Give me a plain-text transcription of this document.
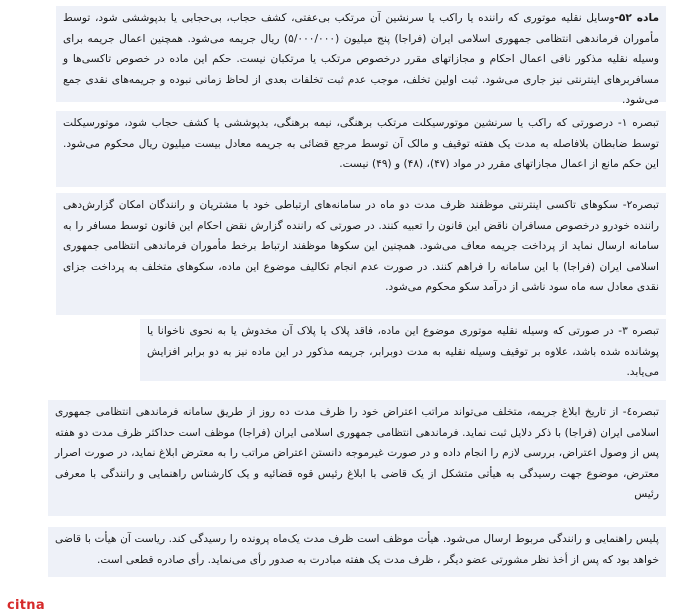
ماده ۵۲-وسایل نقلیه موتوری که راننده یا راکب یا سرنشین آن مرتکب بی‌عفتی، کشف حجاب، بی‌حجابی یا بدپوششی شود، توسط مأموران فرماندهی انتظامی جمهوری اسلامی ایران (فراجا) پنج میلیون (۵/۰۰۰/۰۰۰) ریال جریمه می‌شود. همچنین اعمال جریمه برای وسیله نقلیه مذکور نافی اعمال احکام و مجازاتهای مقرر درخصوص مرتکب یا مرتکبان نیست. حکم این ماده در خصوص تاکسی‌ها و مسافربرهای اینترنتی نیز جاری می‌شود. ثبت اولین تخلف، موجب عدم ثبت تخلفات بعدی از لحاظ زمانی نبوده و جریمه‌های نقدی جمع می‌شود.

تبصره ۱- درصورتی که راکب یا سرنشین موتورسیکلت مرتکب برهنگی، نیمه برهنگی، بدپوششی یا کشف حجاب شود، موتورسیکلت توسط ضابطان بلافاصله به مدت یک هفته توقیف و مالک آن توسط مرجع قضائی به جریمه معادل بیست میلیون ریال محکوم می‌شود. این حکم مانع از اعمال مجازاتهای مقرر در مواد (۴۷)، (۴۸) و (۴۹) نیست.

تبصره۲- سکوهای تاکسی اینترنتی موظفند ظرف مدت دو ماه در سامانه‌های ارتباطی خود با مشتریان و رانندگان امکان گزارش‌دهی راننده خودرو درخصوص مسافران ناقض این قانون را تعبیه کنند. در صورتی که راننده گزارش نقض احکام این قانون توسط مسافر را به سامانه ارسال نماید از پرداخت جریمه معاف می‌شود. همچنین این سکوها موظفند ارتباط برخط مأموران فرماندهی انتظامی جمهوری اسلامی ایران (فراجا) با این سامانه را فراهم کنند. در صورت عدم انجام تکالیف موضوع این ماده، سکوهای متخلف به پرداخت جزای نقدی معادل سه ماه سود ناشی از درآمد سکو محکوم می‌شود.

تبصره ۳- در صورتی که وسیله نقلیه موتوری موضوع این ماده، فاقد پلاک یا پلاک آن مخدوش یا به نحوی ناخوانا یا پوشانده شده باشد، علاوه بر توقیف وسیله نقلیه به مدت دوبرابر، جریمه مذکور در این ماده نیز به دو برابر افزایش می‌یابد.

تبصره٤- از تاریخ ابلاغ جریمه، متخلف می‌تواند مراتب اعتراض خود را ظرف مدت ده روز از طریق سامانه فرماندهی انتظامی جمهوری اسلامی ایران (فراجا) با ذکر دلایل ثبت نماید. فرماندهی انتظامی جمهوری اسلامی ایران (فراجا) موظف است حداکثر ظرف مدت دو هفته پس از وصول اعتراض، بررسی لازم را انجام داده و در صورت غیرموجه دانستن اعتراض مراتب را به معترض ابلاغ نماید، در صورت اصرار معترض، موضوع جهت رسیدگی به هیأتی متشکل از یک قاضی با ابلاغ رئیس قوه قضائیه و یک کارشناس راهنمایی و رانندگی با معرفی رئیس

پلیس راهنمایی و رانندگی مربوط ارسال می‌شود. هیأت موظف است ظرف مدت یک‌ماه پرونده را رسیدگی کند. ریاست آن هیأت با قاضی خواهد بود که پس از أخذ نظر مشورتی عضو دیگر ، ظرف مدت یک هفته مبادرت به صدور رأی می‌نماید. رأی صادره قطعی است.

citna
